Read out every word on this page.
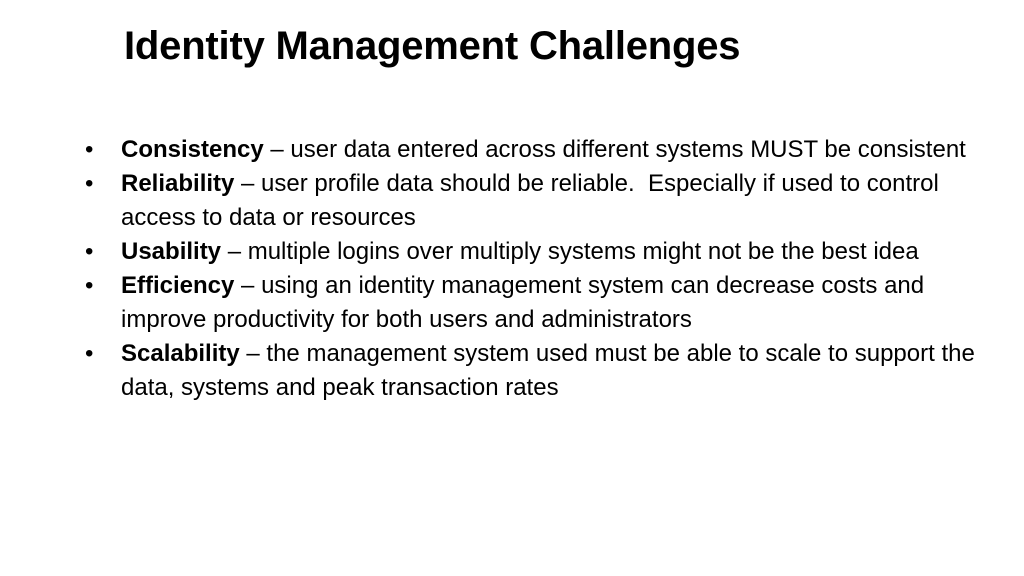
Identity Management Challenges
• Consistency – user data entered across different systems MUST be consistent
• Reliability – user profile data should be reliable.  Especially if used to control access to data or resources
• Usability – multiple logins over multiply systems might not be the best idea
• Efficiency – using an identity management system can decrease costs and improve productivity for both users and administrators
• Scalability – the management system used must be able to scale to support the data, systems and peak transaction rates
